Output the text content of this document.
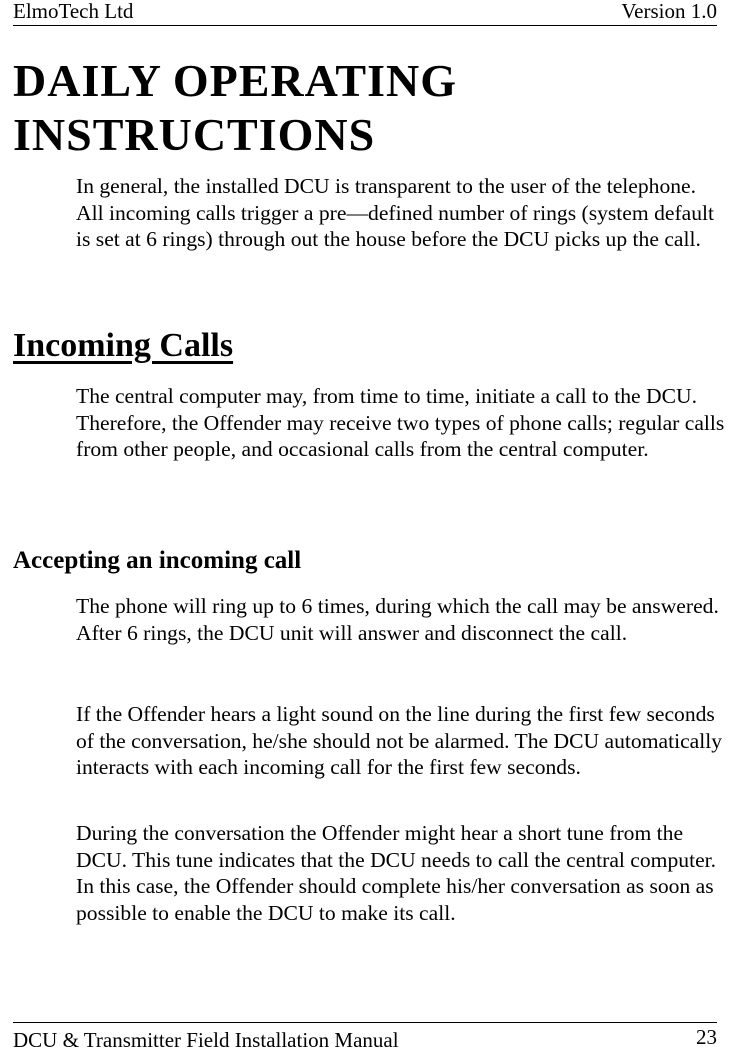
ElmoTech Ltd	Version 1.0
DAILY OPERATING INSTRUCTIONS

In general, the installed DCU is transparent to the user of the telephone. All incoming calls trigger a pre—defined number of rings (system default is set at 6 rings) through out the house before the DCU picks up the call.

Incoming Calls

The central computer may, from time to time, initiate a call to the DCU. Therefore, the Offender may receive two types of phone calls; regular calls from other people, and occasional calls from the central computer.

Accepting an incoming call

The phone will ring up to 6 times, during which the call may be answered. After 6 rings, the DCU unit will answer and disconnect the call.

If the Offender hears a light sound on the line during the first few seconds of the conversation, he/she should not be alarmed. The DCU automatically interacts with each incoming call for the first few seconds.

During the conversation the Offender might hear a short tune from the DCU. This tune indicates that the DCU needs to call the central computer. In this case, the Offender should complete his/her conversation as soon as possible to enable the DCU to make its call.

DCU & Transmitter Field Installation Manual	23
